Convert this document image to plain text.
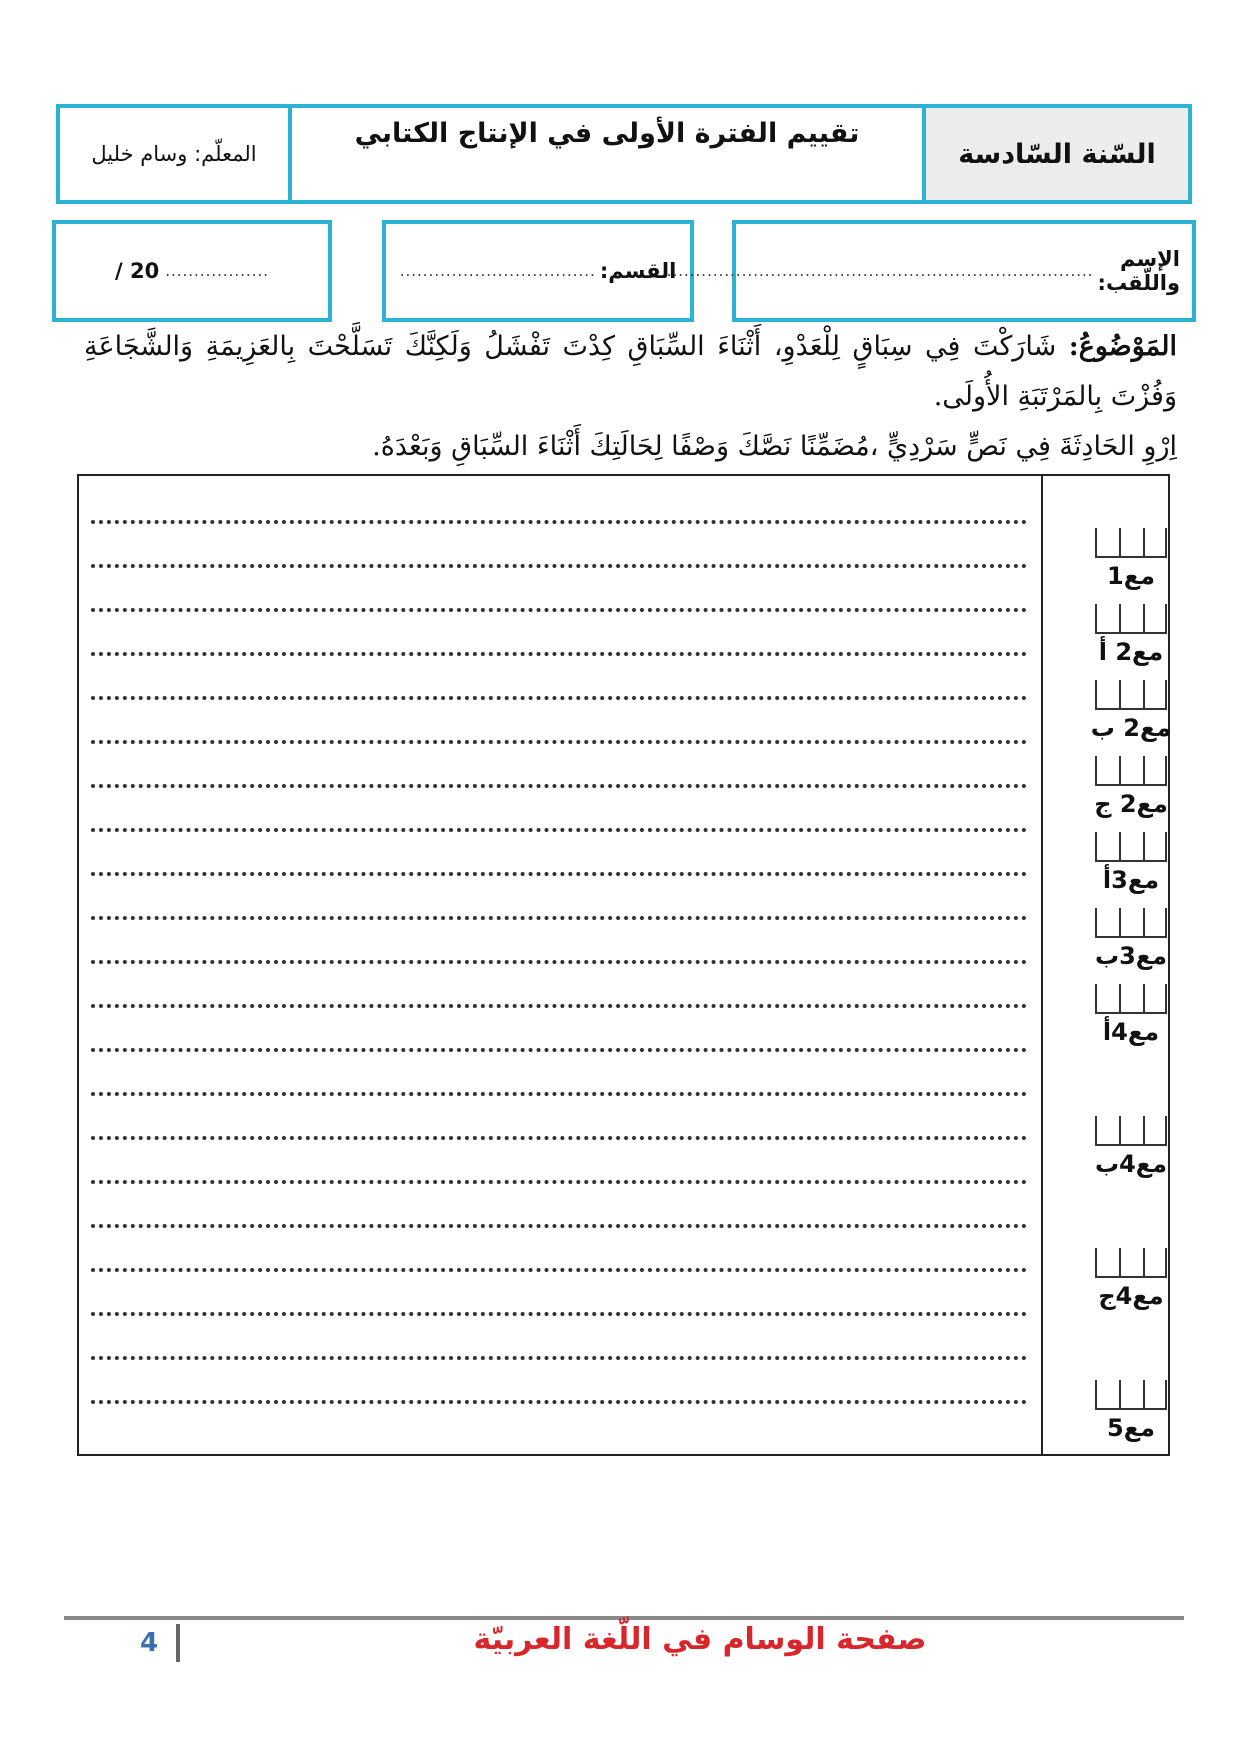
المعلّم: وسام خليل
تقييم الفترة الأولى في الإنتاج الكتابي
السّنة السّادسة
..................
/ 20	القسم:
..................................	الإسم واللّقب:
..........................................................................
المَوْضُوعُ: شَارَكْتَ فِي سِبَاقٍ لِلْعَدْوِ، أَثْنَاءَ السِّبَاقِ كِدْتَ تَفْشَلُ وَلَكِنَّكَ تَسَلَّحْتَ بِالعَزِيمَةِ وَالشَّجَاعَةِ وَفُزْتَ بِالمَرْتَبَةِ الأُولَى.
اِرْوِ الحَادِثَةَ فِي نَصٍّ سَرْدِيٍّ ،مُضَمِّنًا نَصَّكَ وَصْفًا لِحَالَتِكَ أَثْنَاءَ السِّبَاقِ وَبَعْدَهُ.
مع1
مع2 أ
مع2 ب
مع2 ج
مع3أ
مع3ب
مع4أ
مع4ب
مع4ج
مع5
4	صفحة الوسام في اللّغة العربيّة
